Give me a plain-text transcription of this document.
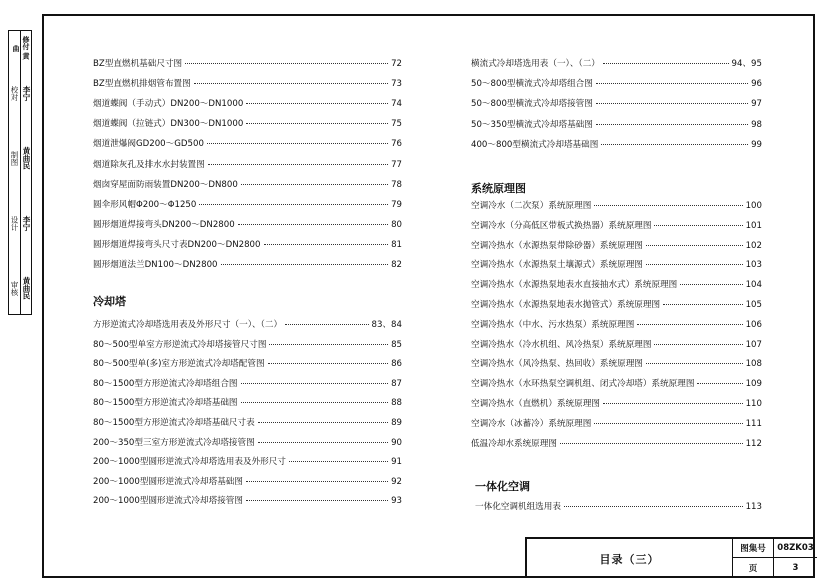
审核 黄曲民
设计 李宁
制图 黄曲民
校对 李宁
修付 黄曲
冷却塔
系统原理图
一体化空调
BZ型直燃机基础尺寸图	72
BZ型直燃机排烟管布置图	73
烟道蝶阀（手动式）DN200～DN1000	74
烟道蝶阀（拉链式）DN300～DN1000	75
烟道泄爆阀GD200～GD500	76
烟道除灰孔及排水水封装置图	77
烟囱穿屋面防雨装置DN200～DN800	78
圆伞形风帽Φ200～Φ1250	79
圆形烟道焊接弯头DN200～DN2800	80
圆形烟道焊接弯头尺寸表DN200～DN2800	81
圆形烟道法兰DN100～DN2800	82
方形逆流式冷却塔选用表及外形尺寸（一）、（二）	83、84
80～500型单室方形逆流式冷却塔接管尺寸图	85
80～500型单(多)室方形逆流式冷却塔配管图	86
80～1500型方形逆流式冷却塔组合图	87
80～1500型方形逆流式冷却塔基础图	88
80～1500型方形逆流式冷却塔基础尺寸表	89
200～350型三室方形逆流式冷却塔接管图	90
200～1000型圆形逆流式冷却塔选用表及外形尺寸	91
200～1000型圆形逆流式冷却塔基础图	92
200～1000型圆形逆流式冷却塔接管图	93
横流式冷却塔选用表（一）、（二）	94、95
50～800型横流式冷却塔组合图	96
50～800型横流式冷却塔接管图	97
50～350型横流式冷却塔基础图	98
400～800型横流式冷却塔基础图	99
空调冷水（二次泵）系统原理图	100
空调冷水（分高低区带板式换热器）系统原理图	101
空调冷热水（水源热泵带除砂器）系统原理图	102
空调冷热水（水源热泵土壤源式）系统原理图	103
空调冷热水（水源热泵地表水直接抽水式）系统原理图	104
空调冷热水（水源热泵地表水抛管式）系统原理图	105
空调冷热水（中水、污水热泵）系统原理图	106
空调冷热水（冷水机组、风冷热泵）系统原理图	107
空调冷热水（风冷热泵、热回收）系统原理图	108
空调冷热水（水环热泵空调机组、闭式冷却塔）系统原理图	109
空调冷热水（直燃机）系统原理图	110
空调冷水（冰蓄冷）系统原理图	111
低温冷却水系统原理图	112
一体化空调机组选用表	113
目录（三）
图集号	08ZK03
页	3
